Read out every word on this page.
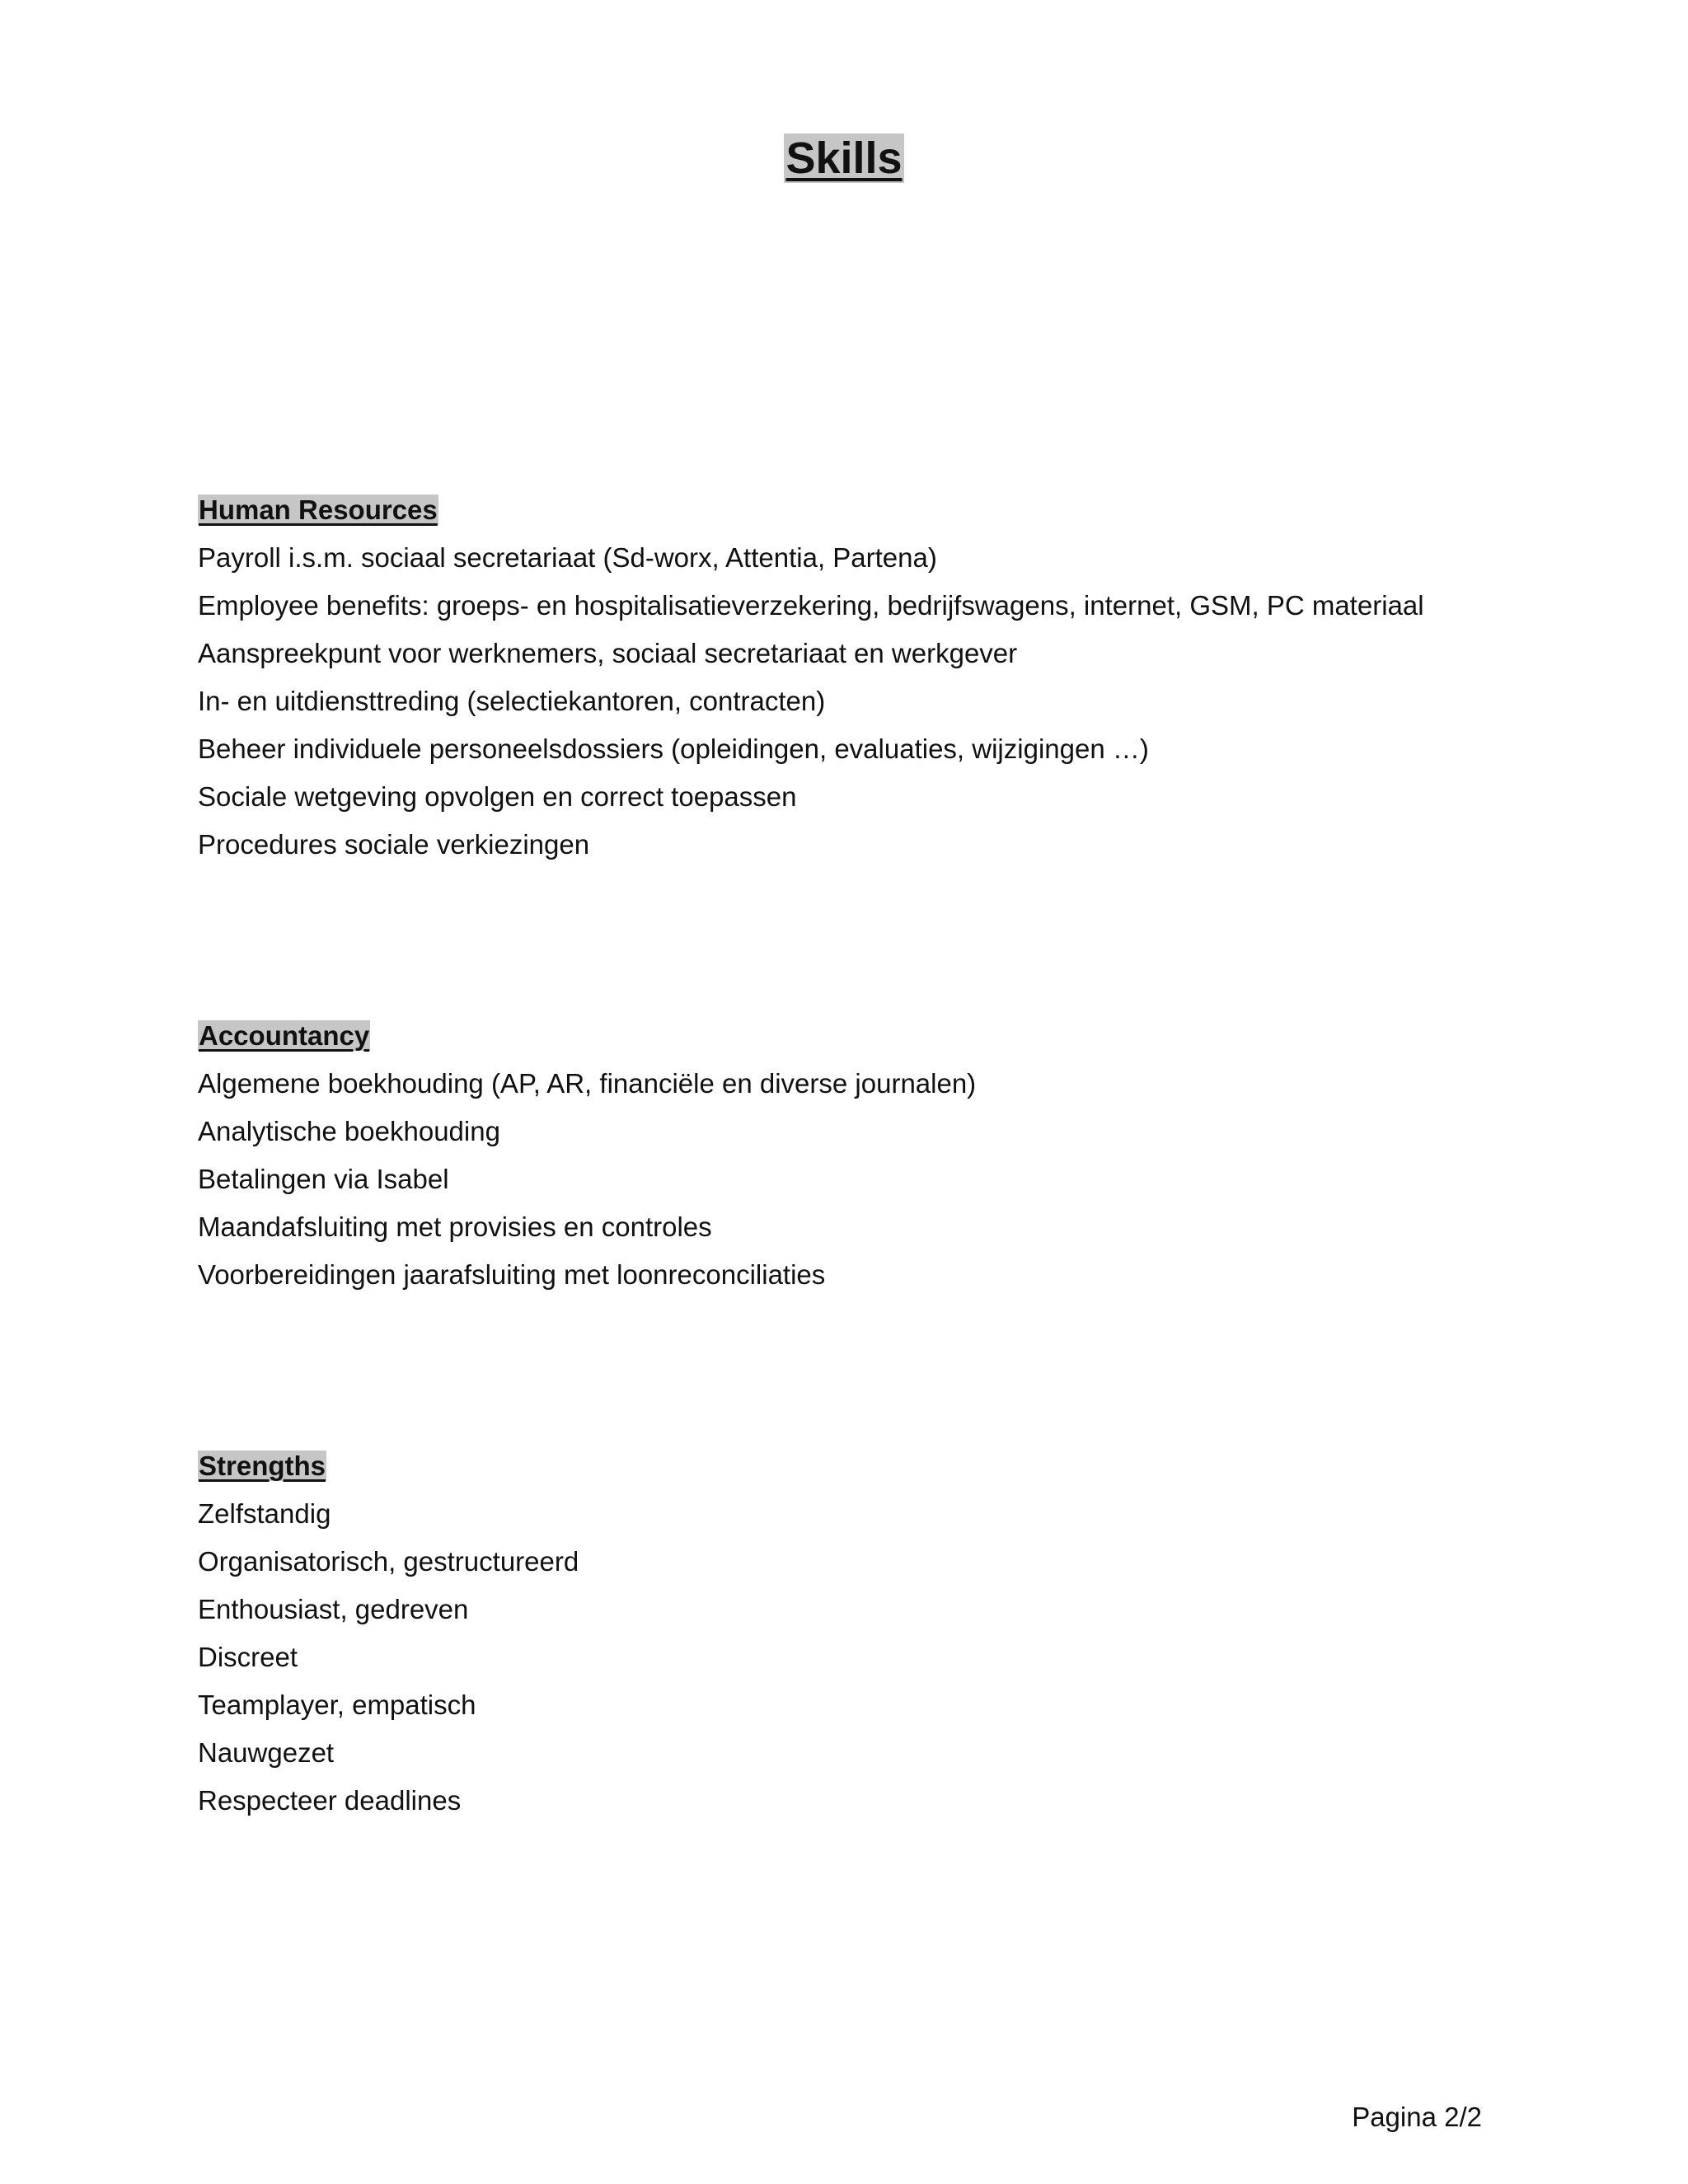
Skills
Human Resources
Payroll i.s.m. sociaal secretariaat (Sd-worx, Attentia, Partena)
Employee benefits: groeps- en hospitalisatieverzekering, bedrijfswagens, internet, GSM, PC materiaal
Aanspreekpunt voor werknemers, sociaal secretariaat en werkgever
In- en uitdiensttreding (selectiekantoren, contracten)
Beheer individuele personeelsdossiers (opleidingen, evaluaties, wijzigingen …)
Sociale wetgeving opvolgen en correct toepassen
Procedures sociale verkiezingen
Accountancy
Algemene boekhouding (AP, AR, financiële en diverse journalen)
Analytische boekhouding
Betalingen via Isabel
Maandafsluiting met provisies en controles
Voorbereidingen jaarafsluiting met loonreconciliaties
Strengths
Zelfstandig
Organisatorisch, gestructureerd
Enthousiast, gedreven
Discreet
Teamplayer, empatisch
Nauwgezet
Respecteer deadlines
Pagina 2/2
